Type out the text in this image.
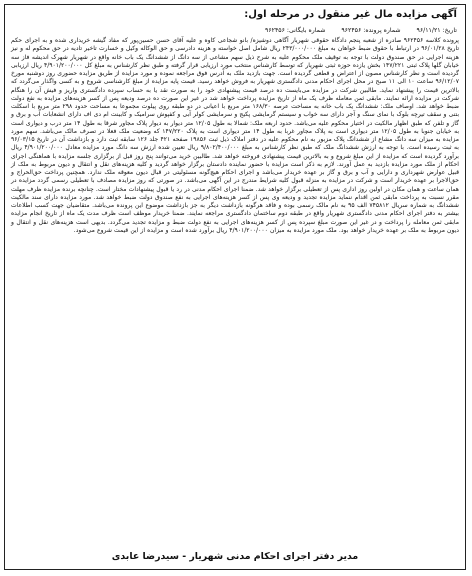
آگهی مزایده مال غیر منقول در مرحله اول:
تاریخ: ۹۶/۱۱/۲۱ شماره پرونده: ۹۶۲۴۵۶ شماره بایگانی: ۹۶۲۴۵۶
پرونده کلاسه ۹۶۲۴۵۶ صادره از شعبه پنجم دادگاه حقوقی شهریار آگاهی دوشیزه/ بانو شجاعی کاوه و علیه آقای حسن حسین‌پور که مفاد گیشه خریداری شده و به اجرای حکم تاریخ ۹۶/۰۱/۲۸ در ارتباط با حقوق ضبط خواهان به مبلغ ۲۴۳/۰۰۰/۰۰۰ ریال شامل اصل خواسته و هزینه دادرسی و حق الوکاله وکیل و خسارت تاخیر تادیه در حق محکوم له و نیز هزینه اجرایی در حق صندوق دولت با توجه به توقیف ملک محکوم علیه به شرح ذیل سهم مشاعی از سه دانگ از ششدانگ یک باب خانه واقع در شهریار شهرک اندیشه فاز سه خیابان گلها پلاک ثبتی ۱۴۷/۲۲۱ بخش یازده حوزه ثبتی شهریار که توسط کارشناس منتخب مورد ارزیابی قرار گرفته و طبق نظر کارشناس به مبلغ کل ۴/۹۰۱/۲۰۰/۰۰۰ ریال ارزیابی گردیده است و نظر کارشناس مصون از اعتراض و قطعی گردیده است. جهت بازدید ملک به آدرس فوق مراجعه نموده و مورد مزایده از طریق مزایده حضوری روز دوشنبه مورخ ۹۶/۱۲/۰۷ ساعت ۱۰ الی ۱۱ صبح در محل اجرای احکام مدنی دادگستری شهریار به فروش خواهد رسید. قیمت پایه مزایده از مبلغ کارشناسی شروع و به کسی واگذار می‌گردد که بالاترین قیمت را پیشنهاد نماید. طالبین شرکت در مزایده می‌بایست ده درصد قیمت پیشنهادی خود را به صورت نقد یا به حساب سپرده دادگستری واریز و فیش آن را هنگام شرکت در مزایده ارائه نمایند. مابقی ثمن معامله ظرف یک ماه از تاریخ مزایده پرداخت خواهد شد در غیر این صورت ده درصد ودیعه پس از کسر هزینه‌های مزایده به نفع دولت ضبط خواهد شد. اوصاف ملک: ششدانگ یک باب خانه به مساحت عرصه ۱۶۸/۳۰ متر مربع با اعیانی در دو طبقه روی پیلوت مجموعا به مساحت حدود ۲۹۸ متر مربع با اسکلت بتنی و سقف تیرچه بلوک با نمای سنگ و آجر دارای سه خواب و سیستم گرمایشی پکیج و سرمایشی کولر آبی و کفپوش سرامیک و کابینت ام دی اف دارای انشعابات آب و برق و گاز و تلفن که طبق اظهار مالکیت در اختیار محکوم علیه می‌باشد. حدود اربعه ملک: شمالا به طول ۱۲/۰۵ متر دیوار به دیوار پلاک مجاور شرقا به طول ۱۴ متر درب و دیواری است به خیابان جنوبا به طول ۱۲/۰۵ متر دیواری است به پلاک مجاور غربا به طول ۱۴ متر دیواری است به پلاک ۱۴۷/۲۲۰ که وضعیت ملک فعلا در تصرف مالک می‌باشد. سهم مورد مزایده به میزان سه دانگ مشاع از ششدانگ پلاک مزبور به نام محکوم علیه در دفتر املاک ذیل ثبت ۱۹۸۵۶ صفحه ۴۲۱ جلد ۱۲۶ سابقه ثبت دارد و بازداشت آن در تاریخ ۹۶/۰۳/۱۵ به ثبت رسیده است. با توجه به ارزش ششدانگ ملک که طبق نظر کارشناس به مبلغ ۹/۸۰۲/۴۰۰/۰۰۰ ریال تعیین شده ارزش سه دانگ مورد مزایده معادل ۴/۹۰۱/۲۰۰/۰۰۰ ریال برآورد گردیده است که مزایده از این مبلغ شروع و به بالاترین قیمت پیشنهادی فروخته خواهد شد. طالبین خرید می‌توانند پنج روز قبل از برگزاری جلسه مزایده با هماهنگی اجرای احکام از ملک مورد مزایده بازدید به عمل آورند. لازم به ذکر است مزایده با حضور نماینده دادستان برگزار خواهد گردید و کلیه هزینه‌های نقل و انتقال و دیون مربوط به ملک از قبیل عوارض شهرداری و دارایی و آب و برق و گاز بر عهده خریدار می‌باشد و اجرای احکام هیچ‌گونه مسئولیتی در قبال دیون معوقه ملک ندارد. همچنین پرداخت حق‌الحراج و حق‌الاجرا بر عهده خریدار است و شرکت در مزایده به منزله قبول کلیه شرایط مندرج در این آگهی می‌باشد. در صورتی که روز مزایده مصادف با تعطیلی رسمی گردد مزایده در همان ساعت و همان مکان در اولین روز اداری پس از تعطیلی برگزار خواهد شد. ضمنا اجرای احکام مدنی در رد یا قبول پیشنهادات مختار است. چنانچه برنده مزایده ظرف مهلت مقرر نسبت به پرداخت مابقی ثمن اقدام ننماید مزایده تجدید و ودیعه وی پس از کسر هزینه‌های اجرایی به نفع صندوق دولت ضبط خواهد شد. مورد مزایده دارای سند مالکیت ششدانگ به شماره سریال ۷۴۵۸۱۲ الف ۹۵ به نام مالک رسمی بوده و فاقد هرگونه بازداشت دیگر به جز بازداشت موضوع این پرونده می‌باشد. متقاضیان جهت کسب اطلاعات بیشتر به دفتر اجرای احکام مدنی دادگستری شهریار واقع در طبقه دوم ساختمان دادگستری مراجعه نمایند. ضمنا خریدار موظف است ظرف مدت یک ماه از تاریخ انجام مزایده مابقی ثمن معامله را پرداخت و در غیر این صورت مبلغ سپرده پس از کسر هزینه‌های اجرایی به نفع دولت ضبط و مزایده تجدید می‌گردد. بدیهی است هزینه‌های نقل و انتقال و دیون مربوط به ملک بر عهده خریدار خواهد بود. ملک مورد مزایده به میزان ۴/۹۰۱/۲۰۰/۰۰۰ ریال برآورد شده است و مزایده از این قیمت شروع می‌شود.
مدیر دفتر اجرای احکام مدنی شهریار - سیدرضا عابدی
